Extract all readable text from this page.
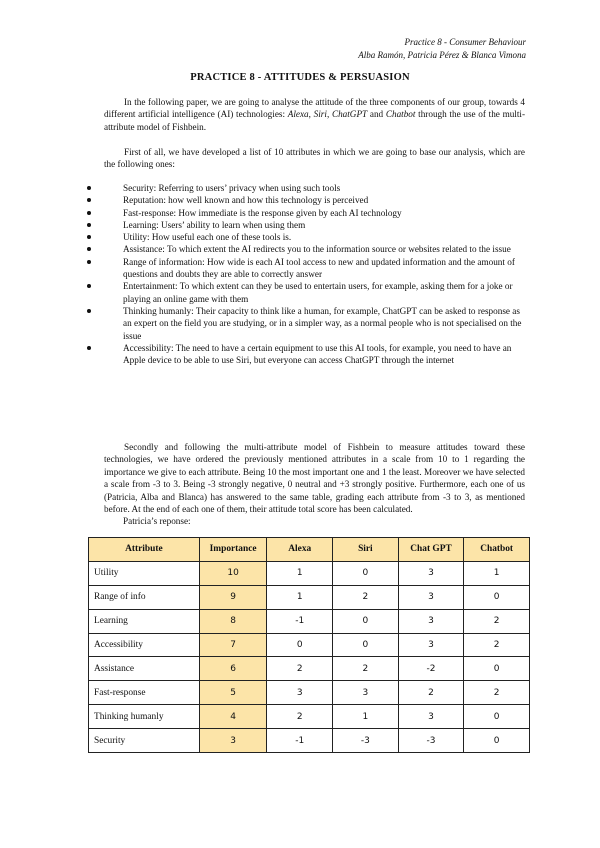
Practice 8 - Consumer Behaviour
Alba Ramón, Patricia Pérez & Blanca Vimona
PRACTICE 8 - ATTITUDES & PERSUASION

In the following paper, we are going to analyse the attitude of the three components of our group, towards 4 different artificial intelligence (AI) technologies: Alexa, Siri, ChatGPT and Chatbot through the use of the multi-attribute model of Fishbein.

First of all, we have developed a list of 10 attributes in which we are going to base our analysis, which are the following ones:

Security: Referring to users’ privacy when using such tools
Reputation: how well known and how this technology is perceived
Fast-response: How immediate is the response given by each AI technology
Learning: Users’ ability to learn when using them
Utility: How useful each one of these tools is.
Assistance: To which extent the AI redirects you to the information source or websites related to the issue
Range of information: How wide is each AI tool access to new and updated information and the amount of questions and doubts they are able to correctly answer
Entertainment: To which extent can they be used to entertain users, for example, asking them for a joke or playing an online game with them
Thinking humanly: Their capacity to think like a human, for example, ChatGPT can be asked to response as an expert on the field you are studying, or in a simpler way, as a normal people who is not specialised on the issue
Accessibility: The need to have a certain equipment to use this AI tools, for example, you need to have an Apple device to be able to use Siri, but everyone can access ChatGPT through the internet

Secondly and following the multi-attribute model of Fishbein to measure attitudes toward these technologies, we have ordered the previously mentioned attributes in a scale from 10 to 1 regarding the importance we give to each attribute. Being 10 the most important one and 1 the least. Moreover we have selected a scale from -3 to 3. Being -3 strongly negative, 0 neutral and +3 strongly positive. Furthermore, each one of us (Patricia, Alba and Blanca) has answered to the same table, grading each attribute from -3 to 3, as mentioned before. At the end of each one of them, their attitude total score has been calculated.

Patricia’s reponse:
Attribute	Importance	Alexa	Siri	Chat GPT	Chatbot
Utility	10	1	0	3	1
Range of info	9	1	2	3	0
Learning	8	-1	0	3	2
Accessibility	7	0	0	3	2
Assistance	6	2	2	-2	0
Fast-response	5	3	3	2	2
Thinking humanly	4	2	1	3	0
Security	3	-1	-3	-3	0
